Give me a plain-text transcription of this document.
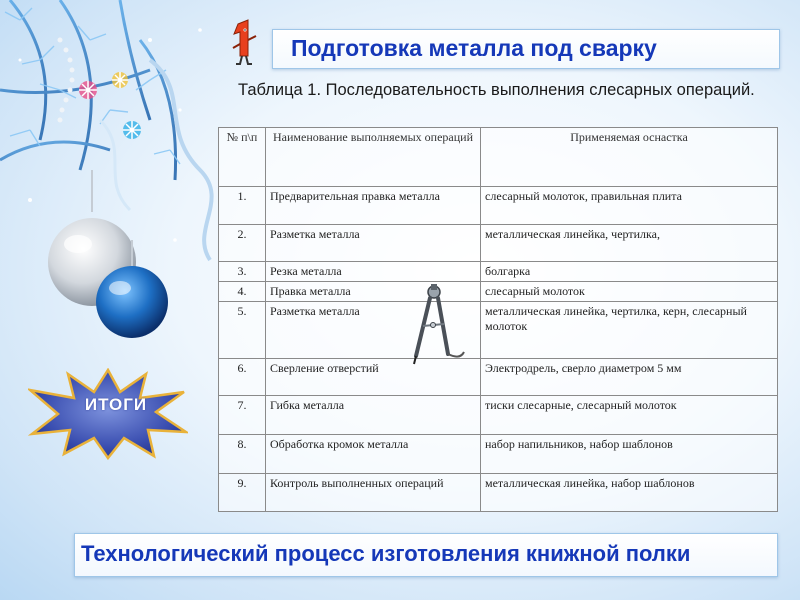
Подготовка металла под сварку
Таблица 1. Последовательность выполнения слесарных операций.
№ п\п	Наименование выполняемых операций	Применяемая оснастка
1.	Предварительная правка металла	слесарный молоток, правильная плита
2.	Разметка металла	металлическая линейка, чертилка,
3.	Резка металла	болгарка
4.	Правка металла	слесарный молоток
5.	Разметка металла	металлическая линейка, чертилка, керн, слесарный молоток
6.	Сверление отверстий	Электродрель, сверло диаметром 5 мм
7.	Гибка металла	тиски слесарные, слесарный молоток
8.	Обработка кромок металла	набор напильников, набор шаблонов
9.	Контроль выполненных операций	металлическая линейка, набор шаблонов
ИТОГИ
Технологический процесс изготовления книжной полки
